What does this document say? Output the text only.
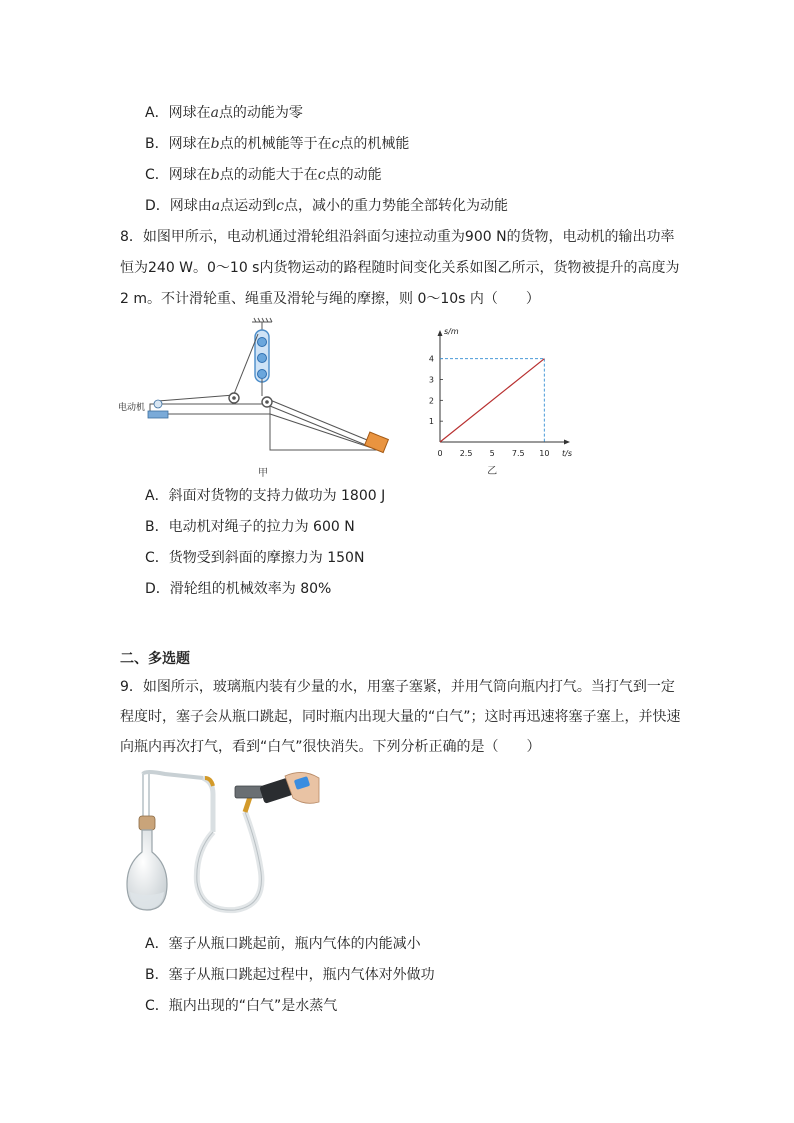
A．网球在a点的动能为零
B．网球在b点的机械能等于在c点的机械能
C．网球在b点的动能大于在c点的动能
D．网球由a点运动到c点，减小的重力势能全部转化为动能
8．如图甲所示，电动机通过滑轮组沿斜面匀速拉动重为900 N的货物，电动机的输出功率
恒为240 W。0～10 s内货物运动的路程随时间变化关系如图乙所示，货物被提升的高度为
2 m。不计滑轮重、绳重及滑轮与绳的摩擦，则 0～10s 内（　　）
电动机
甲
0 2.5 5 7.5 10
1
2
3
4
s/m
t/s
乙
A．斜面对货物的支持力做功为 1800 J
B．电动机对绳子的拉力为 600 N
C．货物受到斜面的摩擦力为 150N
D．滑轮组的机械效率为 80%
二、多选题
9．如图所示，玻璃瓶内装有少量的水，用塞子塞紧，并用气筒向瓶内打气。当打气到一定
程度时，塞子会从瓶口跳起，同时瓶内出现大量的“白气”；这时再迅速将塞子塞上，并快速
向瓶内再次打气，看到“白气”很快消失。下列分析正确的是（　　）
A．塞子从瓶口跳起前，瓶内气体的内能减小
B．塞子从瓶口跳起过程中，瓶内气体对外做功
C．瓶内出现的“白气”是水蒸气
